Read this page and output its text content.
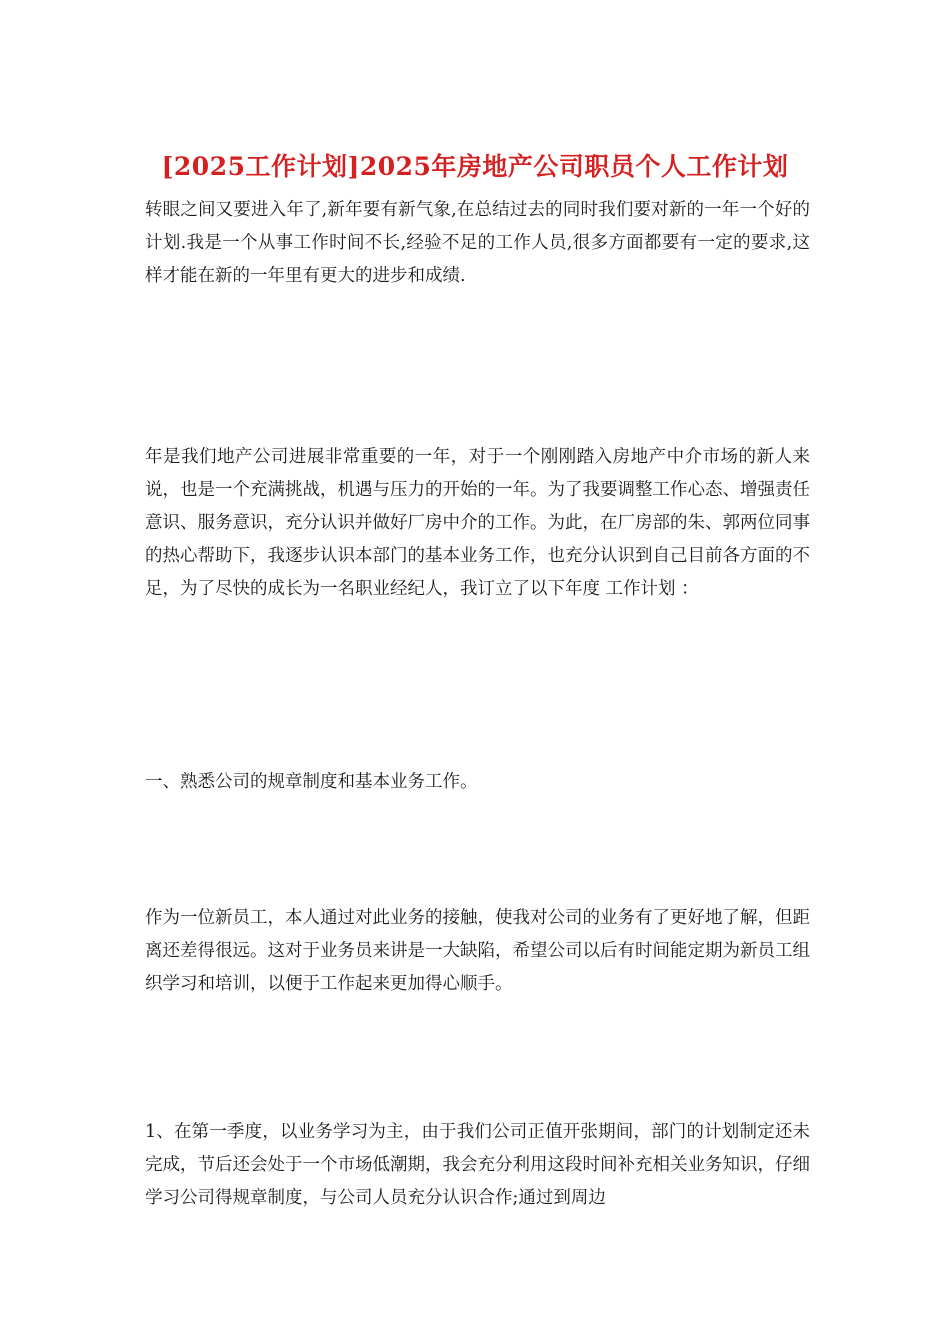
[2025工作计划]2025年房地产公司职员个人工作计划

转眼之间又要进入年了,新年要有新气象,在总结过去的同时我们要对新的一年一个好的计划.我是一个从事工作时间不长,经验不足的工作人员,很多方面都要有一定的要求,这样才能在新的一年里有更大的进步和成绩.

年是我们地产公司进展非常重要的一年，对于一个刚刚踏入房地产中介市场的新人来说，也是一个充满挑战，机遇与压力的开始的一年。为了我要调整工作心态、增强责任意识、服务意识，充分认识并做好厂房中介的工作。为此，在厂房部的朱、郭两位同事的热心帮助下，我逐步认识本部门的基本业务工作，也充分认识到自己目前各方面的不足，为了尽快的成长为一名职业经纪人，我订立了以下年度 工作计划 ：

一、熟悉公司的规章制度和基本业务工作。

作为一位新员工，本人通过对此业务的接触，使我对公司的业务有了更好地了解，但距离还差得很远。这对于业务员来讲是一大缺陷，希望公司以后有时间能定期为新员工组织学习和培训，以便于工作起来更加得心顺手。

1、在第一季度，以业务学习为主，由于我们公司正值开张期间，部门的计划制定还未完成，节后还会处于一个市场低潮期，我会充分利用这段时间补充相关业务知识，仔细学习公司得规章制度，与公司人员充分认识合作;通过到周边
